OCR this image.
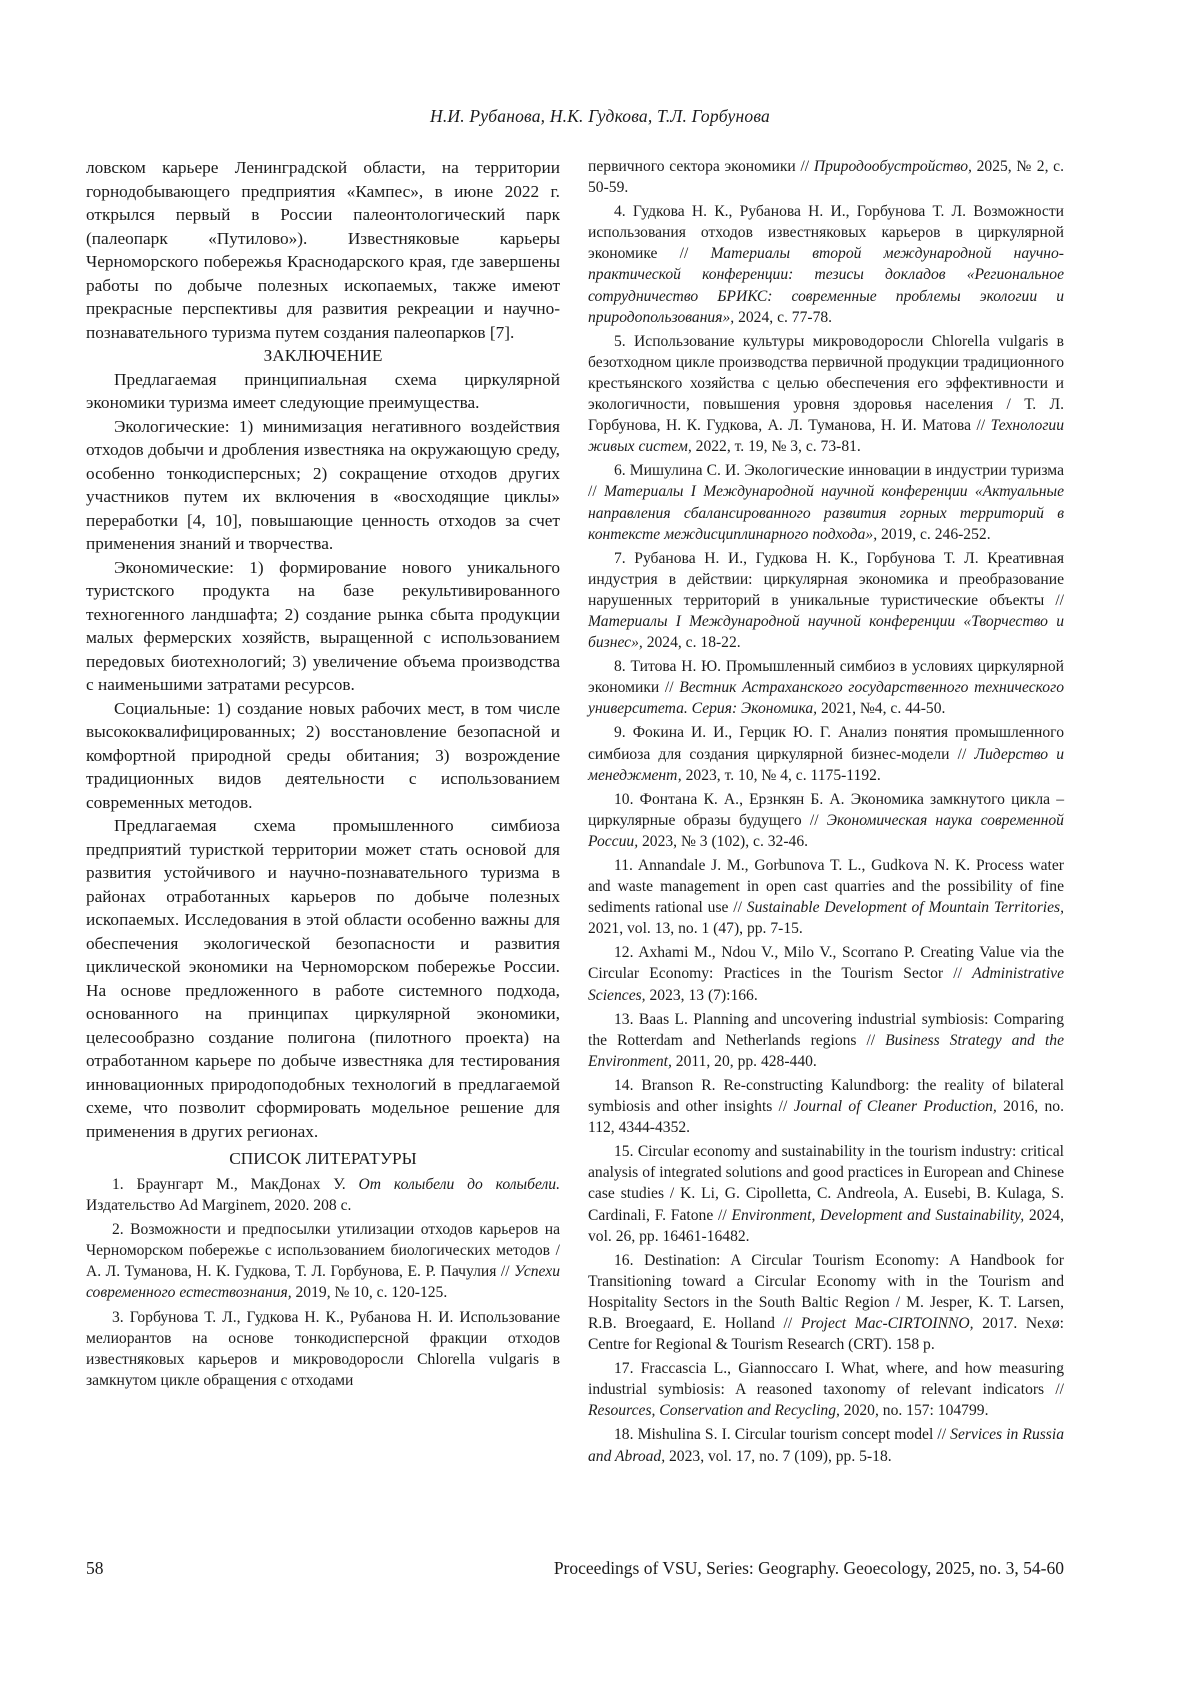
Н.И. Рубанова, Н.К. Гудкова, Т.Л. Горбунова

ловском карьере Ленинградской области, на территории горнодобывающего предприятия «Кампес», в июне 2022 г. открылся первый в России палеонтологический парк (палеопарк «Путилово»). Известняковые карьеры Черноморского побережья Краснодарского края, где завершены работы по добыче полезных ископаемых, также имеют прекрасные перспективы для развития рекреации и научно-познавательного туризма путем создания палеопарков [7].

ЗАКЛЮЧЕНИЕ

Предлагаемая принципиальная схема циркулярной экономики туризма имеет следующие преимущества.

Экологические: 1) минимизация негативного воздействия отходов добычи и дробления известняка на окружающую среду, особенно тонкодисперсных; 2) сокращение отходов других участников путем их включения в «восходящие циклы» переработки [4, 10], повышающие ценность отходов за счет применения знаний и творчества.

Экономические: 1) формирование нового уникального туристского продукта на базе рекультивированного техногенного ландшафта; 2) создание рынка сбыта продукции малых фермерских хозяйств, выращенной с использованием передовых биотехнологий; 3) увеличение объема производства с наименьшими затратами ресурсов.

Социальные: 1) создание новых рабочих мест, в том числе высококвалифицированных; 2) восстановление безопасной и комфортной природной среды обитания; 3) возрождение традиционных видов деятельности с использованием современных методов.

Предлагаемая схема промышленного симбиоза предприятий туристкой территории может стать основой для развития устойчивого и научно-познавательного туризма в районах отработанных карьеров по добыче полезных ископаемых. Исследования в этой области особенно важны для обеспечения экологической безопасности и развития циклической экономики на Черноморском побережье России. На основе предложенного в работе системного подхода, основанного на принципах циркулярной экономики, целесообразно создание полигона (пилотного проекта) на отработанном карьере по добыче известняка для тестирования инновационных природоподобных технологий в предлагаемой схеме, что позволит сформировать модельное решение для применения в других регионах.

СПИСОК ЛИТЕРАТУРЫ

1. Браунгарт М., МакДонах У. От колыбели до колыбели. Издательство Ad Marginem, 2020. 208 с.

2. Возможности и предпосылки утилизации отходов карьеров на Черноморском побережье с использованием биологических методов / А. Л. Туманова, Н. К. Гудкова, Т. Л. Горбунова, Е. Р. Пачулия // Успехи современного естествознания, 2019, № 10, с. 120-125.

3. Горбунова Т. Л., Гудкова Н. К., Рубанова Н. И. Использование мелиорантов на основе тонкодисперсной фракции отходов известняковых карьеров и микроводоросли Chlorella vulgaris в замкнутом цикле обращения с отходами

первичного сектора экономики // Природообустройство, 2025, № 2, с. 50-59.

4. Гудкова Н. К., Рубанова Н. И., Горбунова Т. Л. Возможности использования отходов известняковых карьеров в циркулярной экономике // Материалы второй международной научно-практической конференции: тезисы докладов «Региональное сотрудничество БРИКС: современные проблемы экологии и природопользования», 2024, с. 77-78.

5. Использование культуры микроводоросли Chlorella vulgaris в безотходном цикле производства первичной продукции традиционного крестьянского хозяйства с целью обеспечения его эффективности и экологичности, повышения уровня здоровья населения / Т. Л. Горбунова, Н. К. Гудкова, А. Л. Туманова, Н. И. Матова // Технологии живых систем, 2022, т. 19, № 3, с. 73-81.

6. Мишулина С. И. Экологические инновации в индустрии туризма // Материалы I Международной научной конференции «Актуальные направления сбалансированного развития горных территорий в контексте междисциплинарного подхода», 2019, с. 246-252.

7. Рубанова Н. И., Гудкова Н. К., Горбунова Т. Л. Креативная индустрия в действии: циркулярная экономика и преобразование нарушенных территорий в уникальные туристические объекты // Материалы I Международной научной конференции «Творчество и бизнес», 2024, с. 18-22.

8. Титова Н. Ю. Промышленный симбиоз в условиях циркулярной экономики // Вестник Астраханского государственного технического университета. Серия: Экономика, 2021, №4, с. 44-50.

9. Фокина И. И., Герцик Ю. Г. Анализ понятия промышленного симбиоза для создания циркулярной бизнес-модели // Лидерство и менеджмент, 2023, т. 10, № 4, с. 1175-1192.

10. Фонтана К. А., Ерзнкян Б. А. Экономика замкнутого цикла – циркулярные образы будущего // Экономическая наука современной России, 2023, № 3 (102), с. 32-46.

11. Annandale J. M., Gorbunova T. L., Gudkova N. K. Process water and waste management in open cast quarries and the possibility of fine sediments rational use // Sustainable Development of Mountain Territories, 2021, vol. 13, no. 1 (47), pp. 7-15.

12. Axhami M., Ndou V., Milo V., Scorrano P. Creating Value via the Circular Economy: Practices in the Tourism Sector // Administrative Sciences, 2023, 13 (7):166.

13. Baas L. Planning and uncovering industrial symbiosis: Comparing the Rotterdam and Netherlands regions // Business Strategy and the Environment, 2011, 20, pp. 428-440.

14. Branson R. Re-constructing Kalundborg: the reality of bilateral symbiosis and other insights // Journal of Cleaner Production, 2016, no. 112, 4344-4352.

15. Circular economy and sustainability in the tourism industry: critical analysis of integrated solutions and good practices in European and Chinese case studies / K. Li, G. Cipolletta, C. Andreola, A. Eusebi, B. Kulaga, S. Cardinali, F. Fatone // Environment, Development and Sustainability, 2024, vol. 26, pp. 16461-16482.

16. Destination: A Circular Tourism Economy: A Handbook for Transitioning toward a Circular Economy with in the Tourism and Hospitality Sectors in the South Baltic Region / M. Jesper, K. T. Larsen, R.B. Broegaard, E. Holland // Project Mac-CIRTOINNO, 2017. Nexø: Centre for Regional & Tourism Research (CRT). 158 p.

17. Fraccascia L., Giannoccaro I. What, where, and how measuring industrial symbiosis: A reasoned taxonomy of relevant indicators // Resources, Conservation and Recycling, 2020, no. 157: 104799.

18. Mishulina S. I. Circular tourism concept model // Services in Russia and Abroad, 2023, vol. 17, no. 7 (109), pp. 5-18.

58	Proceedings of VSU, Series: Geography. Geoecology, 2025, no. 3, 54-60
